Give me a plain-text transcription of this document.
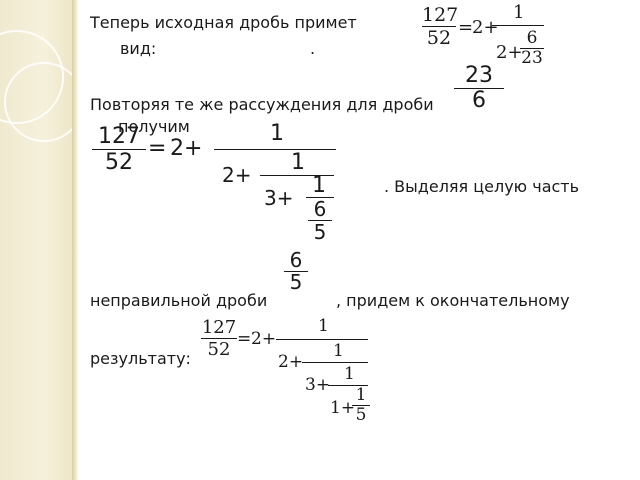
Теперь исходная дробь примет
вид:	.
127
52 =
2+
1
2+
6
23
23
6
Повторяя те же рассуждения для дроби
получим
127
52
= 2+
1
2+ 1
3+ 1
6
5
. Выделяя целую часть
6
5
неправильной дроби	, придем к окончательному
результату:
127
52 = 2+
1
2+
1
3+
1
1+
1
5
